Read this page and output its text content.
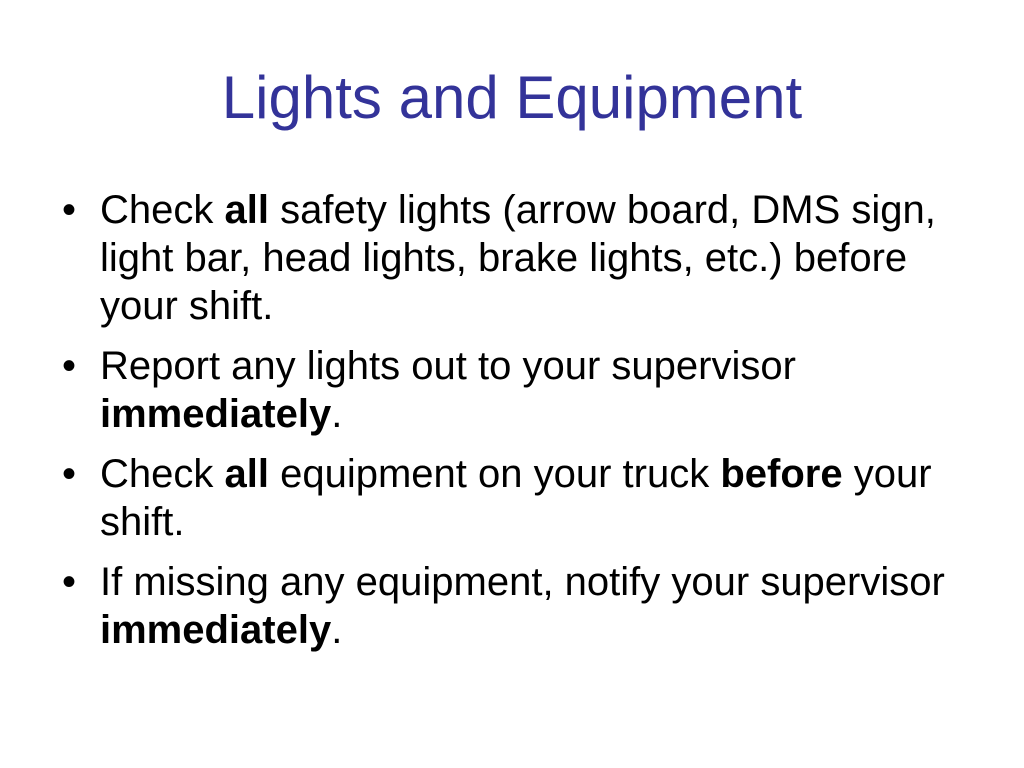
Lights and Equipment
• Check all safety lights (arrow board, DMS sign, light bar, head lights, brake lights, etc.) before your shift.
• Report any lights out to your supervisor immediately.
• Check all equipment on your truck before your shift.
• If missing any equipment, notify your supervisor immediately.
